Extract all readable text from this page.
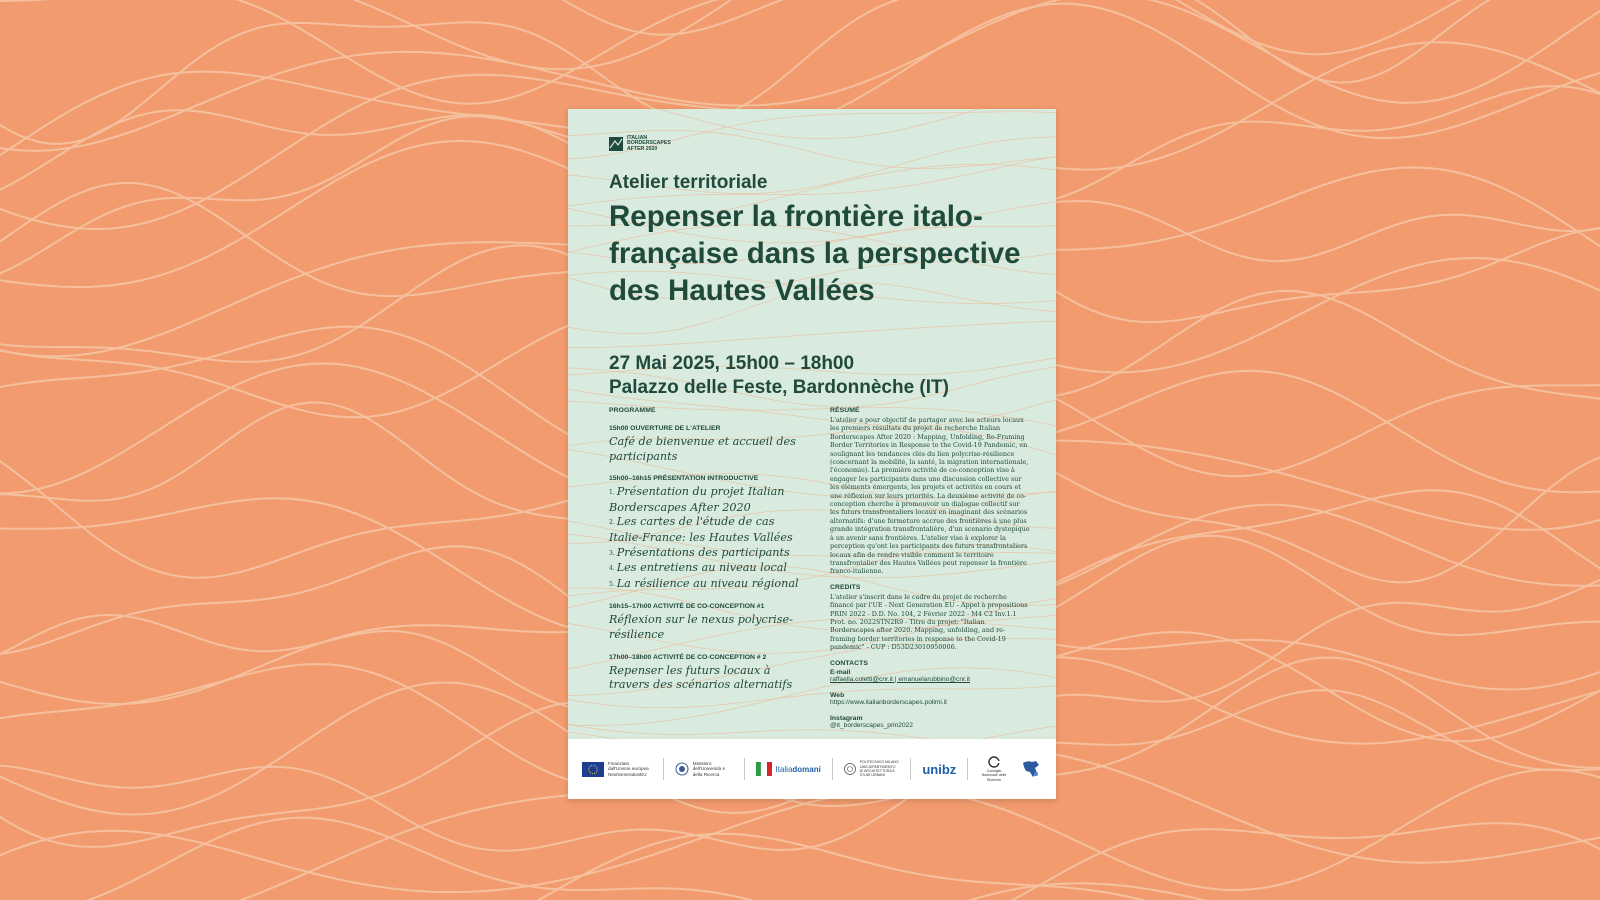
ITALIAN BORDERSCAPES AFTER 2020
Atelier territoriale
Repenser la frontière italo-française dans la perspective des Hautes Vallées
27 Mai 2025, 15h00 – 18h00
Palazzo delle Feste, Bardonnèche (IT)
PROGRAMME
15h00 OUVERTURE DE L'ATELIER
Café de bienvenue et accueil des participants
15h00–16h15 PRÉSENTATION INTRODUCTIVE
1. Présentation du projet Italian Borderscapes After 2020
2. Les cartes de l'étude de cas Italie-France: les Hautes Vallées
3. Présentations des participants
4. Les entretiens au niveau local
5. La résilience au niveau régional
16h15–17h00 ACTIVITÉ DE CO-CONCEPTION #1
Réflexion sur le nexus polycrise-résilience
17h00–18h00 ACTIVITÉ DE CO-CONCEPTION # 2
Repenser les futurs locaux à travers des scénarios alternatifs
RÉSUMÉ
L'atelier a pour objectif de partager avec les acteurs locaux les premiers résultats du projet de recherche Italian Borderscapes After 2020 : Mapping, Unfolding, Re-Framing Border Territories in Response to the Covid-19 Pandemic, en soulignant les tendances clés du lien polycrise-résilience (concernant la mobilité, la santé, la migration internationale, l'économie). La première activité de co-conception vise à engager les participants dans une discussion collective sur les éléments émergents, les projets et activités en cours et une réflexion sur leurs priorités. La deuxième activité de co-conception cherche à promouvoir un dialogue collectif sur les futurs transfrontaliers locaux en imaginant des scénarios alternatifs: d'une fermeture accrue des frontières à une plus grande intégration transfrontalière, d'un scenario dystopique à un avenir sans frontières. L'atelier vise à explorer la perception qu'ont les participants des futurs transfrontaliers locaux afin de rendre visible comment le territoire transfrontalier des Hautes Vallées peut repenser la frontière franco-italienne.
CREDITS
L'atelier s'inscrit dans le cadre du projet de recherche financé par l'UE - Next Generation EU - Appel à propositions PRIN 2022 - D.D. No. 104, 2 Février 2022 - M4 C2 Inv.1.1 Prot. no. 2022STN2R9 - Titre du projet: "Italian Borderscapes after 2020. Mapping, unfolding, and re-framing border territories in response to the Covid-19 pandemic" - CUP : D53D23010950006.
CONTACTS
E-mail
raffaella.coletti@cnr.it | emanuelarubbino@cnr.it
Web
https://www.italianborderscapes.polimi.it
Instagram
@it_borderscapes_prin2022
Finanziato dall'Unione europea NextGenerationEU
Ministero dell'Università e della Ricerca
Italiadomani
POLITECNICO MILANO 1863 DIPARTIMENTO DI ARCHITETTURA E STUDI URBANI	unibz	Consiglio Nazionale delle Ricerche
